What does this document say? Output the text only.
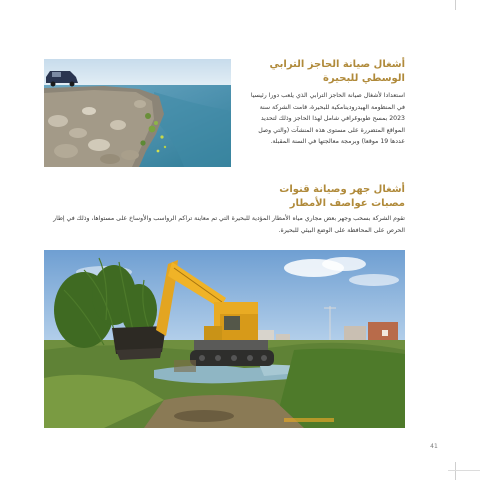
أشغال صيانة الحاجز الترابي
الوسطي للبحيرة

استعدادا لأشغال صيانة الحاجز الترابي الذي يلعب دورا رئيسيا في المنظومة الهيدرودينامكية للبحيرة، قامت الشركة سنة 2023 بمسح طوبوغرافي شامل لهذا الحاجز وذلك لتحديد المواقع المتضررة على مستوى هذه المنشآت (والتي وصل عددها 19 موقعا) وبرمجة معالجتها في السنة المقبلة.

أشغال جهر وصيانة قنوات
مصبات عواصف الأمطار

تقوم الشركة بسحب وجهر بعض مجاري مياه الأمطار المؤدية للبحيرة التي تم معاينة تراكم الرواسب والأوساخ على مستواها، وذلك في إطار الحرص على المحافظة على الوضع البيئي للبحيرة.

41
